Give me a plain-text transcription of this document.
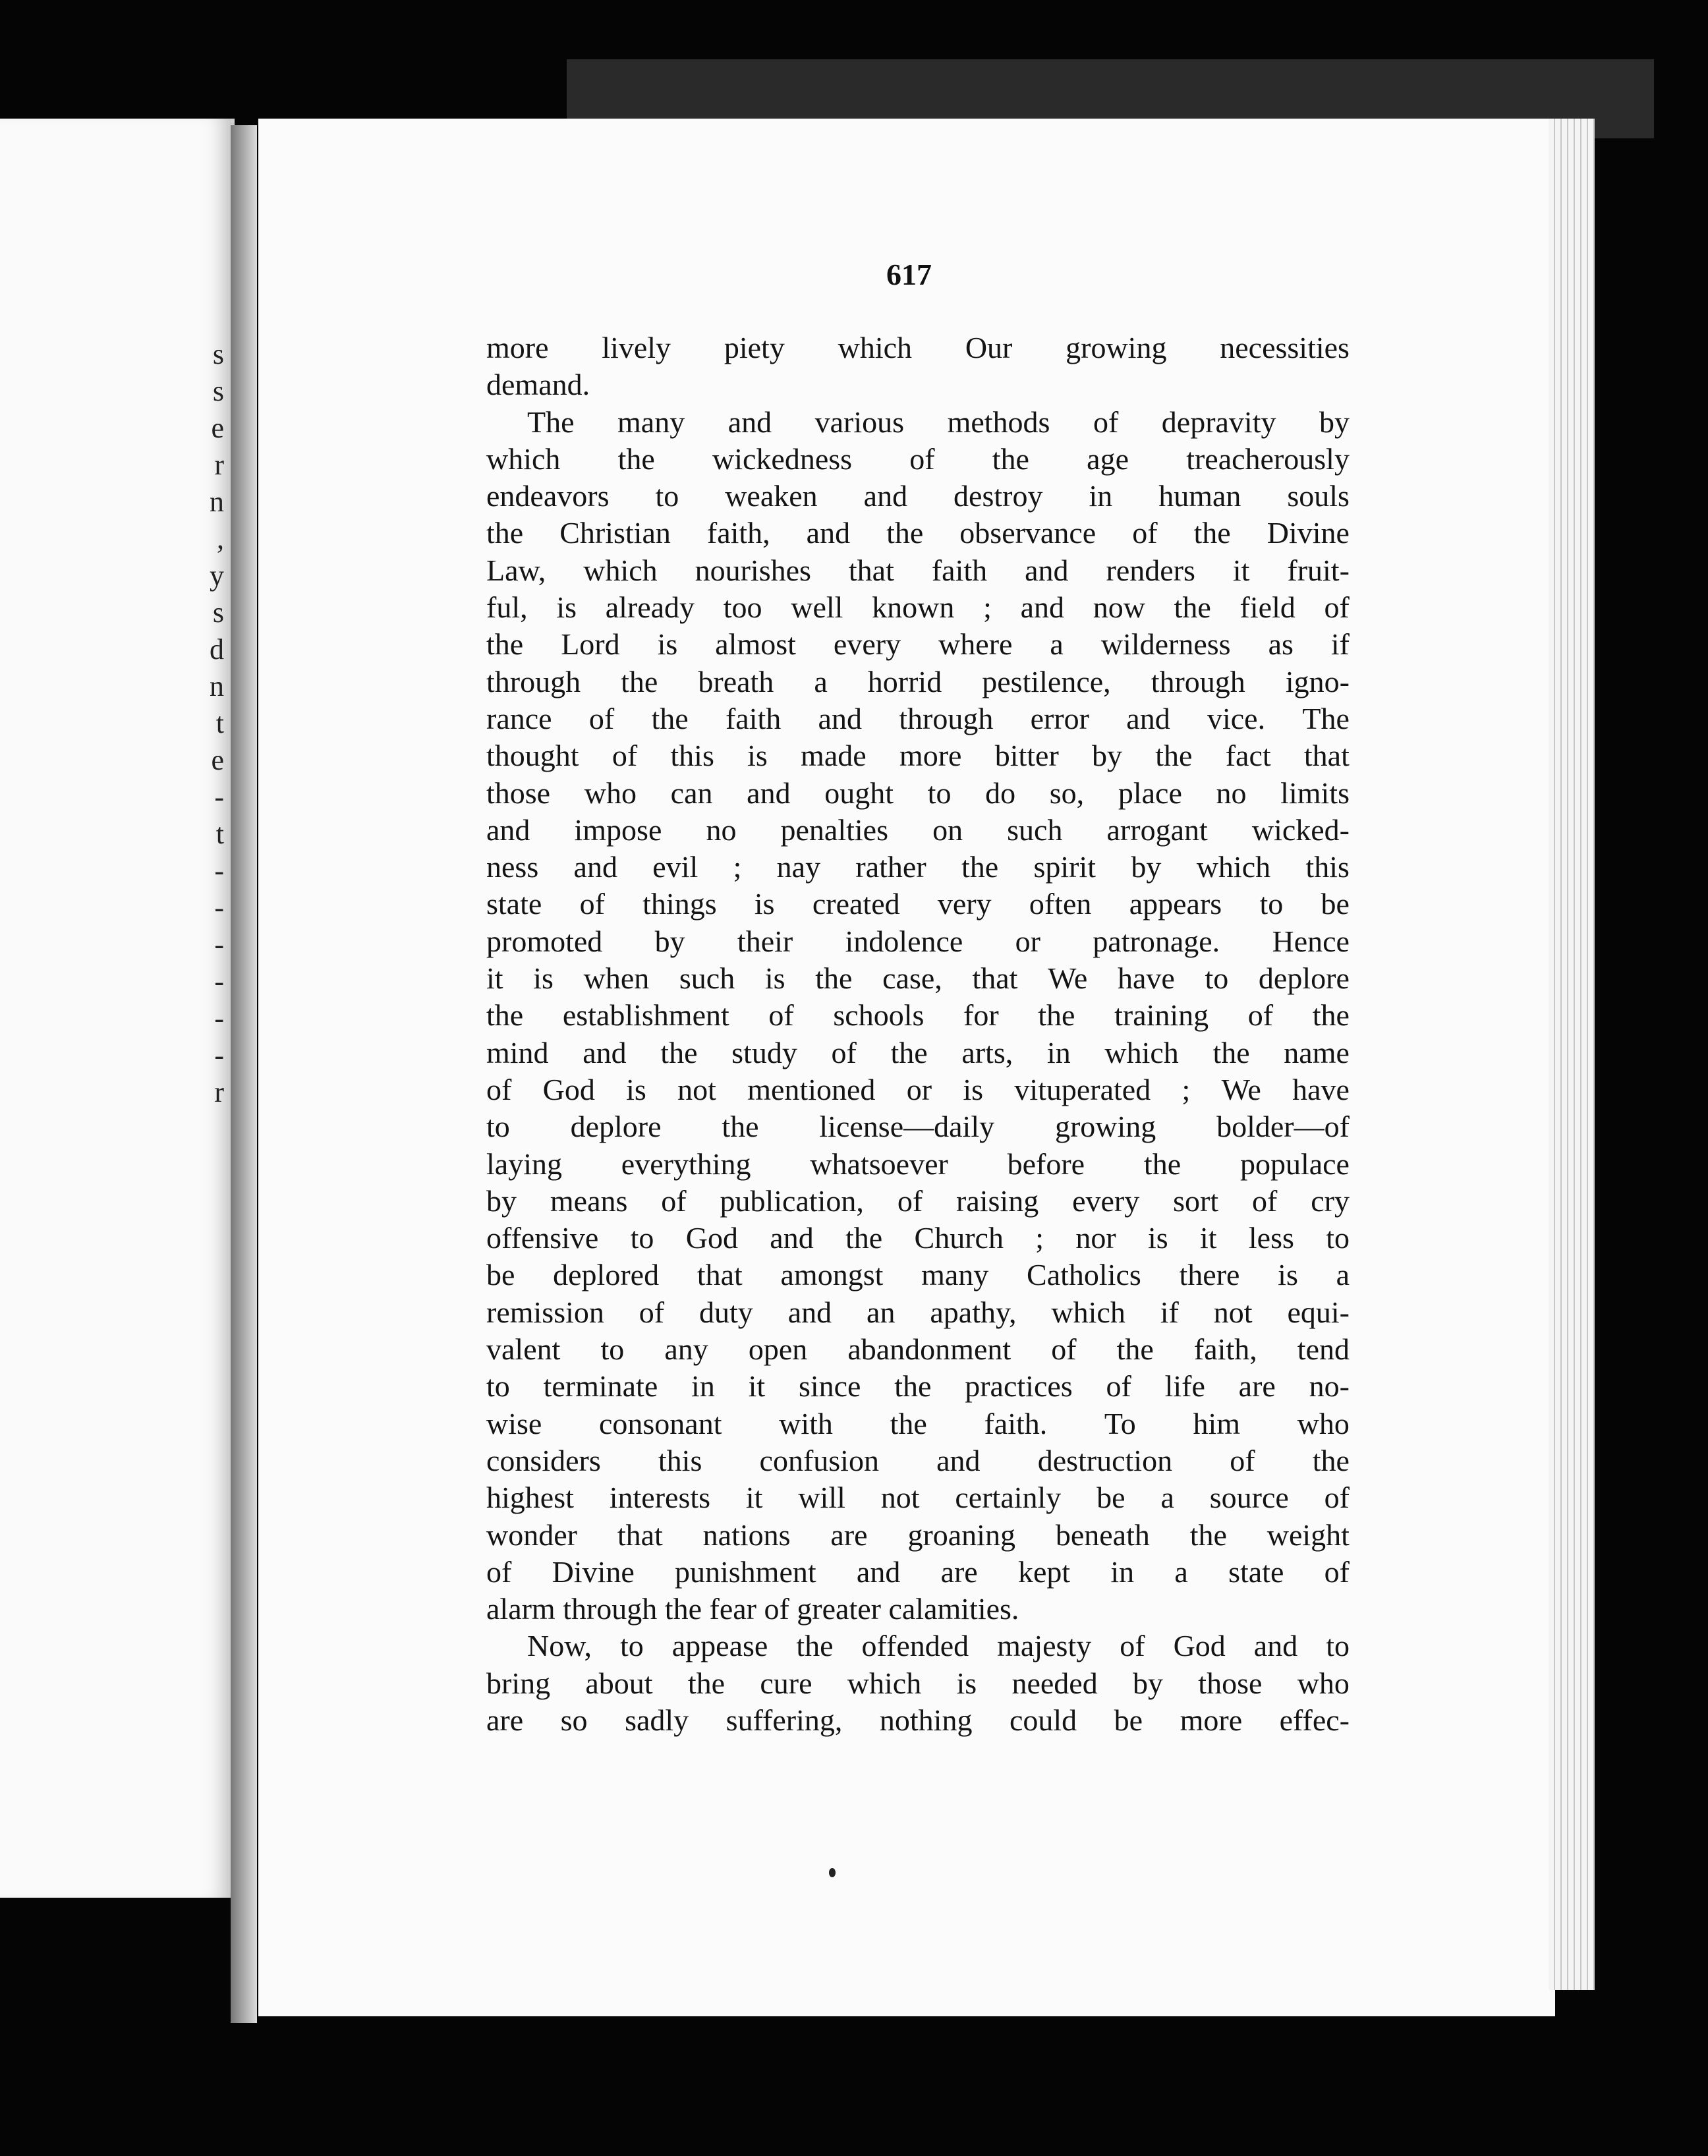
s
s
e
r
n
,
y
s
d
n
t
e
-
t
-
-
-
-
-
-
r
617
more lively piety which Our growing necessities
demand.
The many and various methods of depravity by
which the wickedness of the age treacherously
endeavors to weaken and destroy in human souls
the Christian faith, and the observance of the Divine
Law, which nourishes that faith and renders it fruit-
ful, is already too well known ; and now the field of
the Lord is almost every where a wilderness as if
through the breath a horrid pestilence, through igno-
rance of the faith and through error and vice. The
thought of this is made more bitter by the fact that
those who can and ought to do so, place no limits
and impose no penalties on such arrogant wicked-
ness and evil ; nay rather the spirit by which this
state of things is created very often appears to be
promoted by their indolence or patronage. Hence
it is when such is the case, that We have to deplore
the establishment of schools for the training of the
mind and the study of the arts, in which the name
of God is not mentioned or is vituperated ; We have
to deplore the license—daily growing bolder—of
laying everything whatsoever before the populace
by means of publication, of raising every sort of cry
offensive to God and the Church ; nor is it less to
be deplored that amongst many Catholics there is a
remission of duty and an apathy, which if not equi-
valent to any open abandonment of the faith, tend
to terminate in it since the practices of life are no-
wise consonant with the faith. To him who
considers this confusion and destruction of the
highest interests it will not certainly be a source of
wonder that nations are groaning beneath the weight
of Divine punishment and are kept in a state of
alarm through the fear of greater calamities.
Now, to appease the offended majesty of God and to
bring about the cure which is needed by those who
are so sadly suffering, nothing could be more effec-
